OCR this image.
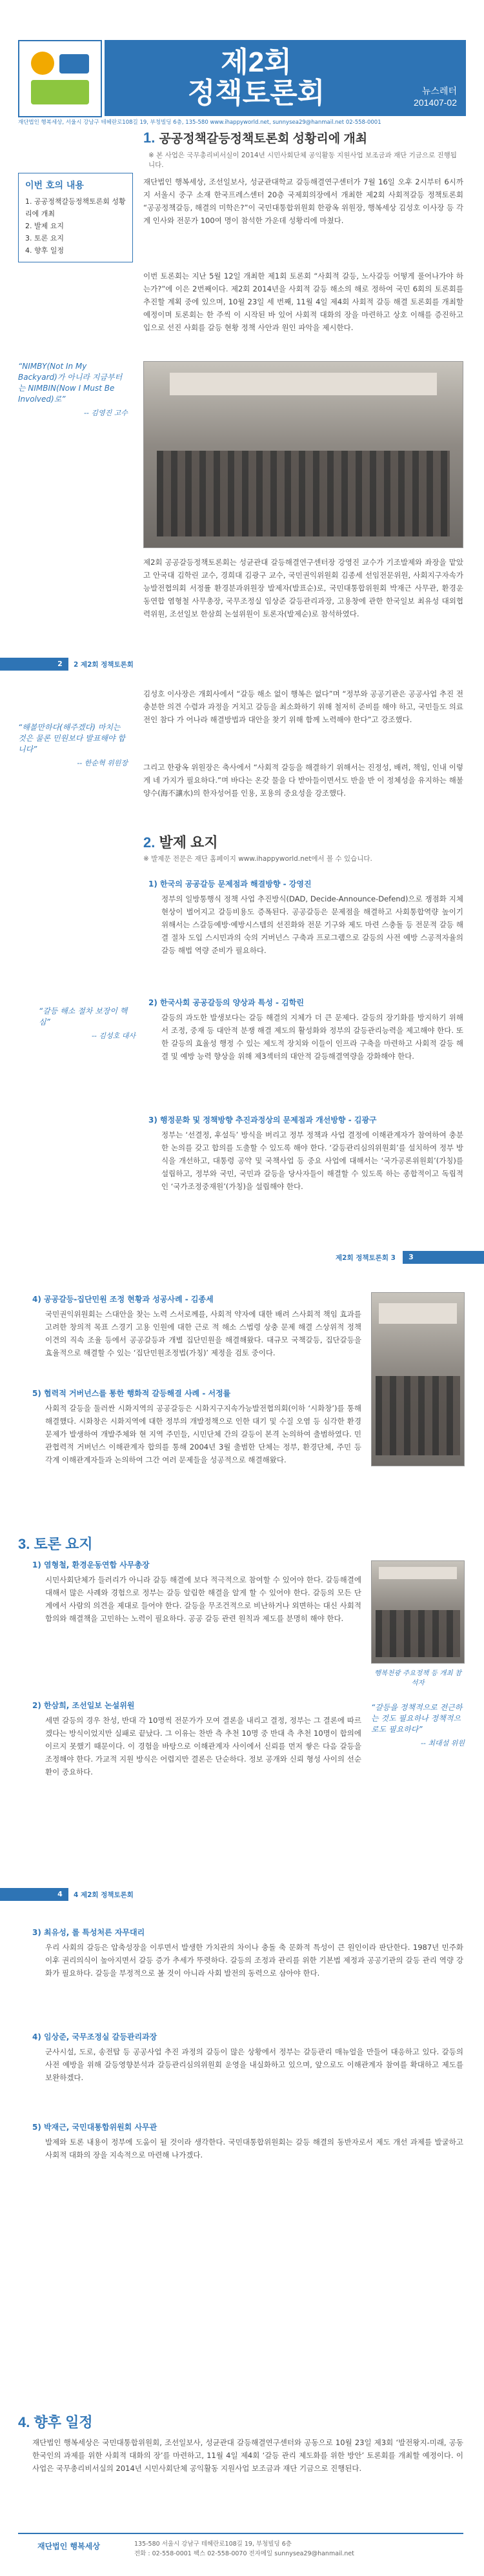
제2회
정책토론회	뉴스레터
201407-02
재단법인 행복세상, 서울시 강남구 테헤란로108길 19, 부청빌딩 6층, 135-580 www.ihappyworld.net, sunnysea29@hanmail.net 02-558-0001
이번 호의 내용
1. 공공정책갈등정책토론회 성황리에 개최
2. 발제 요지
3. 토론 요지
4. 향후 일정
“NIMBY(Not In My Backyard)가 아니라 지금부터는 NIMBIN(Now I Must Be Involved)로”
-- 김영진 고수
1. 공공정책갈등정책토론회 성황리에 개최
※ 본 사업은 국무총리비서실이 2014년 시민사회단체 공익활동 지원사업 보조금과 재단 기금으로 진행됩니다.
재단법인 행복세상, 조선일보사, 성균관대학교 갈등해결연구센터가 7월 16일 오후 2시부터 6시까지 서울시 중구 소재 한국프레스센터 20층 국제회의장에서 개최한 제2회 사회적갈등 정책토론회 “공공정책갈등, 해결의 미학은?”이 국민대통합위원회 한광옥 위원장, 행복세상 김성호 이사장 등 각계 인사와 전문가 100여 명이 참석한 가운데 성황리에 마쳤다.
이번 토론회는 지난 5월 12일 개최한 제1회 토론회 “사회적 갈등, 노사갈등 어떻게 풀어나가야 하는가?”에 이은 2번째이다. 제2회 2014년을 사회적 갈등 해소의 해로 정하여 국민 6회의 토론회를 추진할 계획 중에 있으며, 10월 23일 세 번째, 11월 4일 제4회 사회적 갈등 해결 토론회를 개최할 예정이며 토론회는 한 주씩 이 시작된 바 있어 사회적 대화의 장을 마련하고 상호 이해를 증진하고 입으로 선진 사회를 갈등 현황 정책 사안과 원인 파악을 제시한다.
제2회 공공갈등정책토론회는 성균관대 갈등해결연구센터장 강영진 교수가 기조발제와 좌장을 맡았고 안국대 김학린 교수, 경희대 김광구 교수, 국민권익위원회 김종세 선임전문위원, 사회지구자속가능발전협의회 서정률 환경분과위원장 발제자(발표순)로, 국민대통합위원회 박재근 사무관, 환경운동연합 염형철 사무총장, 국무조정실 임상준 갈등관리과장, 고용창에 관한 한국일보 최유성 대외협력위원, 조선일보 한삼희 논설위원이 토론자(발제순)로 참석하였다.
2	2 제2회 정책토론회
“해볼만하다(해주겠다) 마치는 것은 물론 민원보다 발표해야 합니다”
-- 한순혁 위원장
김성호 이사장은 개회사에서 “갈등 해소 없이 행복은 없다”며 “정부와 공공기관은 공공사업 추진 전 충분한 의견 수렴과 과정을 거치고 갈등을 최소화하기 위해 철저히 준비를 해야 하고, 국민들도 의료 전인 참다 가 어나라 해결방법과 대안을 찾기 위해 함께 노력해야 한다”고 강조했다.
그리고 한광옥 위원장은 축사에서 “사회적 갈등을 해결하기 위해서는 진정성, 배려, 책임, 인내 이렇게 네 가지가 필요하다.”며 바다는 온갖 물을 다 받아들이면서도 반을 반 이 정체성을 유지하는 해불양수(海不讓水)의 한자성어를 인용, 포용의 중요성을 강조했다.
2. 발제 요지
※ 발제문 전문은 재단 홈페이지 www.ihappyworld.net에서 볼 수 있습니다.
1) 한국의 공공갈등 문제점과 해결방향 - 강영진
정부의 일방통행식 정책 사업 추진방식(DAD, Decide-Announce-Defend)으로 쟁점화 지체 현상이 벌어지고 갈등비용도 증폭된다. 공공갈등은 문제점을 해결하고 사회통합역량 높이기 위해서는 스갈등예방·예방시스템의 선진화와 전문 기구와 제도 마련 스충돌 등 전문적 갈등 해결 절차 도입 스시민과의 숙의 거버넌스 구축과 프로그램으로 갈등의 사전 예방 스공적자율의 갈등 해법 역량 준비가 필요하다.
2) 한국사회 공공갈등의 양상과 특성 - 김학린
갈등의 과도한 발생보다는 갈등 해결의 지체가 더 큰 문제다. 갈등의 장기화를 방지하기 위해서 조정, 중재 등 대안적 분쟁 해결 제도의 활성화와 정부의 갈등관리능력을 제고해야 한다. 또한 갈등의 효율성 행정 수 있는 제도적 장치와 이들이 인프라 구축을 마련하고 사회적 갈등 해결 및 예방 능력 향상을 위해 제3섹터의 대안적 갈등해결역량을 강화해야 한다.
“갈등 해소 절차 보장이 핵심”
-- 김성호 대사
3) 행정문화 및 정책방향 추진과정상의 문제점과 개선방향 - 김광구
정부는 ‘선결정, 후설득’ 방식을 버리고 정부 정책과 사업 결정에 이해관계자가 참여하여 충분한 논의를 갖고 합의를 도출할 수 있도록 해야 한다. ‘갈등관리심의위원회’를 설치하여 정부 방식을 개선하고, 대통령 공약 및 국책사업 등 중요 사업에 대해서는 ‘국가공론위원회’(가칭)를 설립하고, 정부와 국민, 국민과 갈등을 당사자들이 해결할 수 있도록 하는 종합적이고 독립적인 ‘국가조정중재원’(가칭)을 설립해야 한다.
제2회 정책토론회 3	3
4) 공공갈등-집단민원 조정 현황과 성공사례 - 김종세
국민권익위원회는 스대안을 찾는 노력 스서로께를, 사회적 약자에 대한 배려 스사회적 책임 효과를 고려한 창의적 목표 스경기 고용 인원에 대한 근로 적 해소 스법령 상충 문제 해결 스상위적 정책 이견의 직속 조율 등에서 공공갈등과 개별 집단민원을 해결해왔다. 대규모 국책갈등, 집단갈등을 효율적으로 해결할 수 있는 ‘집단민원조정법(가칭)’ 제정을 검토 중이다.
5) 협력적 거버넌스를 통한 행화적 갈등해결 사례 - 서정률
사회적 갈등을 둘러싼 시화지역의 공공갈등은 시화지구지속가능발전협의회(이하 ‘시화창’)를 통해 해결했다. 시화창은 시화지역에 대한 정부의 개발정책으로 인한 대기 및 수질 오염 등 심각한 환경문제가 발생하여 개발주체와 현 지역 주민들, 시민단체 간의 갈등이 본격 논의하여 출범하였다. 민관협력적 거버넌스 이해관계자 합의를 통해 2004년 3월 출범한 단체는 정부, 환경단체, 주민 등 각계 이해관계자들과 논의하여 그간 여러 문제들을 성공적으로 해결해왔다.
3. 토론 요지
1) 염형철, 환경운동연합 사무총장
시민사회단체가 들러리가 아니라 갈등 해결에 보다 적극적으로 참여할 수 있어야 한다. 갈등해결에 대해서 많은 사례와 경험으로 정부는 갈등 알림한 해결을 알게 할 수 있어야 한다. 갈등의 모든 단계에서 사람의 의견을 제대로 들어야 한다. 갈등을 무조건적으로 비난하거나 외면하는 대신 사회적 함의와 해결책을 고민하는 노력이 필요하다. 공공 갈등 관련 원칙과 제도를 분명히 해야 한다.
행복천광 주요정책 등 개최 참석자
“갈등을 정책적으로 전근하는 것도 필요하나 정책적으로도 필요하다”
-- 최대설 위원
2) 한삼희, 조선일보 논설위원
세면 갈등의 경우 찬성, 반대 각 10명씩 전문가가 모여 결론을 내리고 결정, 정부는 그 결론에 따르겠다는 방식이었지만 실패로 끝났다. 그 이유는 찬반 측 추천 10명 중 반대 측 추천 10명이 합의에 이르지 못했기 때문이다. 이 경험을 바탕으로 이해관계자 사이에서 신뢰를 먼저 쌓은 다음 갈등을 조정해야 한다. 가교적 지원 방식은 어렵지만 결론은 단순하다. 정보 공개와 신뢰 형성 사이의 선순환이 중요하다.
4	4 제2회 정책토론회
3) 최유성, 롤 특성처른 자무대리
우리 사회의 갈등은 압축성장을 이루면서 발생한 가치관의 차이나 충돌 축 문화적 특성이 큰 원인이라 판단한다. 1987년 민주화 이후 권리의식이 높아지면서 갈등 증가 추세가 뚜렷하다. 갈등의 조정과 관리를 위한 기본법 제정과 공공기관의 갈등 관리 역량 강화가 필요하다. 갈등을 부정적으로 볼 것이 아니라 사회 발전의 동력으로 삼아야 한다.
4) 임상준, 국무조정실 갈등관리과장
군사시설, 도로, 송전탑 등 공공사업 추진 과정의 갈등이 많은 상황에서 정부는 갈등관리 매뉴얼을 만들어 대응하고 있다. 갈등의 사전 예방을 위해 갈등영향분석과 갈등관리심의위원회 운영을 내실화하고 있으며, 앞으로도 이해관계자 참여를 확대하고 제도를 보완하겠다.
5) 박재근, 국민대통합위원회 사무관
발제와 토론 내용이 정부에 도움이 될 것이라 생각한다. 국민대통합위원회는 갈등 해결의 동반자로서 제도 개선 과제를 발굴하고 사회적 대화의 장을 지속적으로 마련해 나가겠다.
4. 향후 일정
재단법인 행복세상은 국민대통합위원회, 조선일보사, 성균관대 갈등해결연구센터와 공동으로 10월 23일 제3회 ‘발전왕지-미래, 공동 한국인의 과제를 위한 사회적 대화의 장’를 마련하고, 11월 4일 제4회 ‘갈등 관리 제도화를 위한 방안’ 토론회를 개최할 예정이다. 이 사업은 국무총리비서실의 2014년 시민사회단체 공익활동 지원사업 보조금과 재단 기금으로 진행된다.
재단법인 행복세상	135-580 서울시 강남구 테헤란로108길 19, 부청빌딩 6층
전화 : 02-558-0001 팩스 02-558-0070 전자메일 sunnysea29@hanmail.net
